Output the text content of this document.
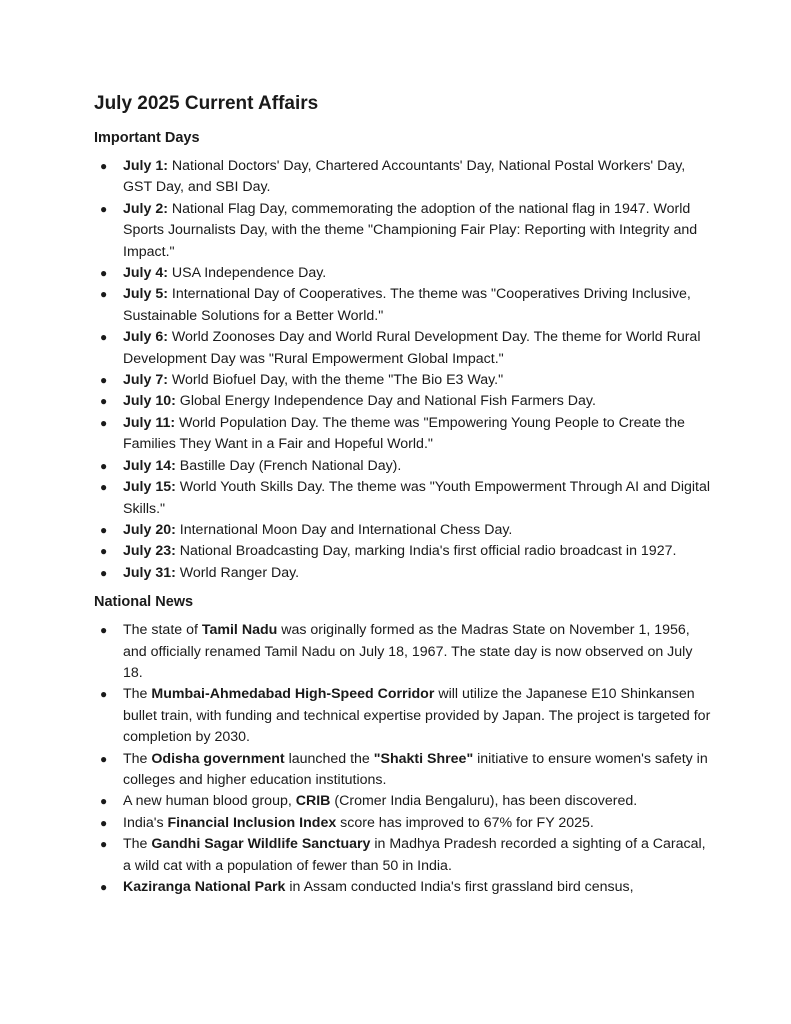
July 2025 Current Affairs
Important Days
● July 1: National Doctors' Day, Chartered Accountants' Day, National Postal Workers' Day, GST Day, and SBI Day.
● July 2: National Flag Day, commemorating the adoption of the national flag in 1947. World Sports Journalists Day, with the theme "Championing Fair Play: Reporting with Integrity and Impact."
● July 4: USA Independence Day.
● July 5: International Day of Cooperatives. The theme was "Cooperatives Driving Inclusive, Sustainable Solutions for a Better World."
● July 6: World Zoonoses Day and World Rural Development Day. The theme for World Rural Development Day was "Rural Empowerment Global Impact."
● July 7: World Biofuel Day, with the theme "The Bio E3 Way."
● July 10: Global Energy Independence Day and National Fish Farmers Day.
● July 11: World Population Day. The theme was "Empowering Young People to Create the Families They Want in a Fair and Hopeful World."
● July 14: Bastille Day (French National Day).
● July 15: World Youth Skills Day. The theme was "Youth Empowerment Through AI and Digital Skills."
● July 20: International Moon Day and International Chess Day.
● July 23: National Broadcasting Day, marking India's first official radio broadcast in 1927.
● July 31: World Ranger Day.
National News
● The state of Tamil Nadu was originally formed as the Madras State on November 1, 1956, and officially renamed Tamil Nadu on July 18, 1967. The state day is now observed on July 18.
● The Mumbai-Ahmedabad High-Speed Corridor will utilize the Japanese E10 Shinkansen bullet train, with funding and technical expertise provided by Japan. The project is targeted for completion by 2030.
● The Odisha government launched the "Shakti Shree" initiative to ensure women's safety in colleges and higher education institutions.
● A new human blood group, CRIB (Cromer India Bengaluru), has been discovered.
● India's Financial Inclusion Index score has improved to 67% for FY 2025.
● The Gandhi Sagar Wildlife Sanctuary in Madhya Pradesh recorded a sighting of a Caracal, a wild cat with a population of fewer than 50 in India.
● Kaziranga National Park in Assam conducted India's first grassland bird census,
